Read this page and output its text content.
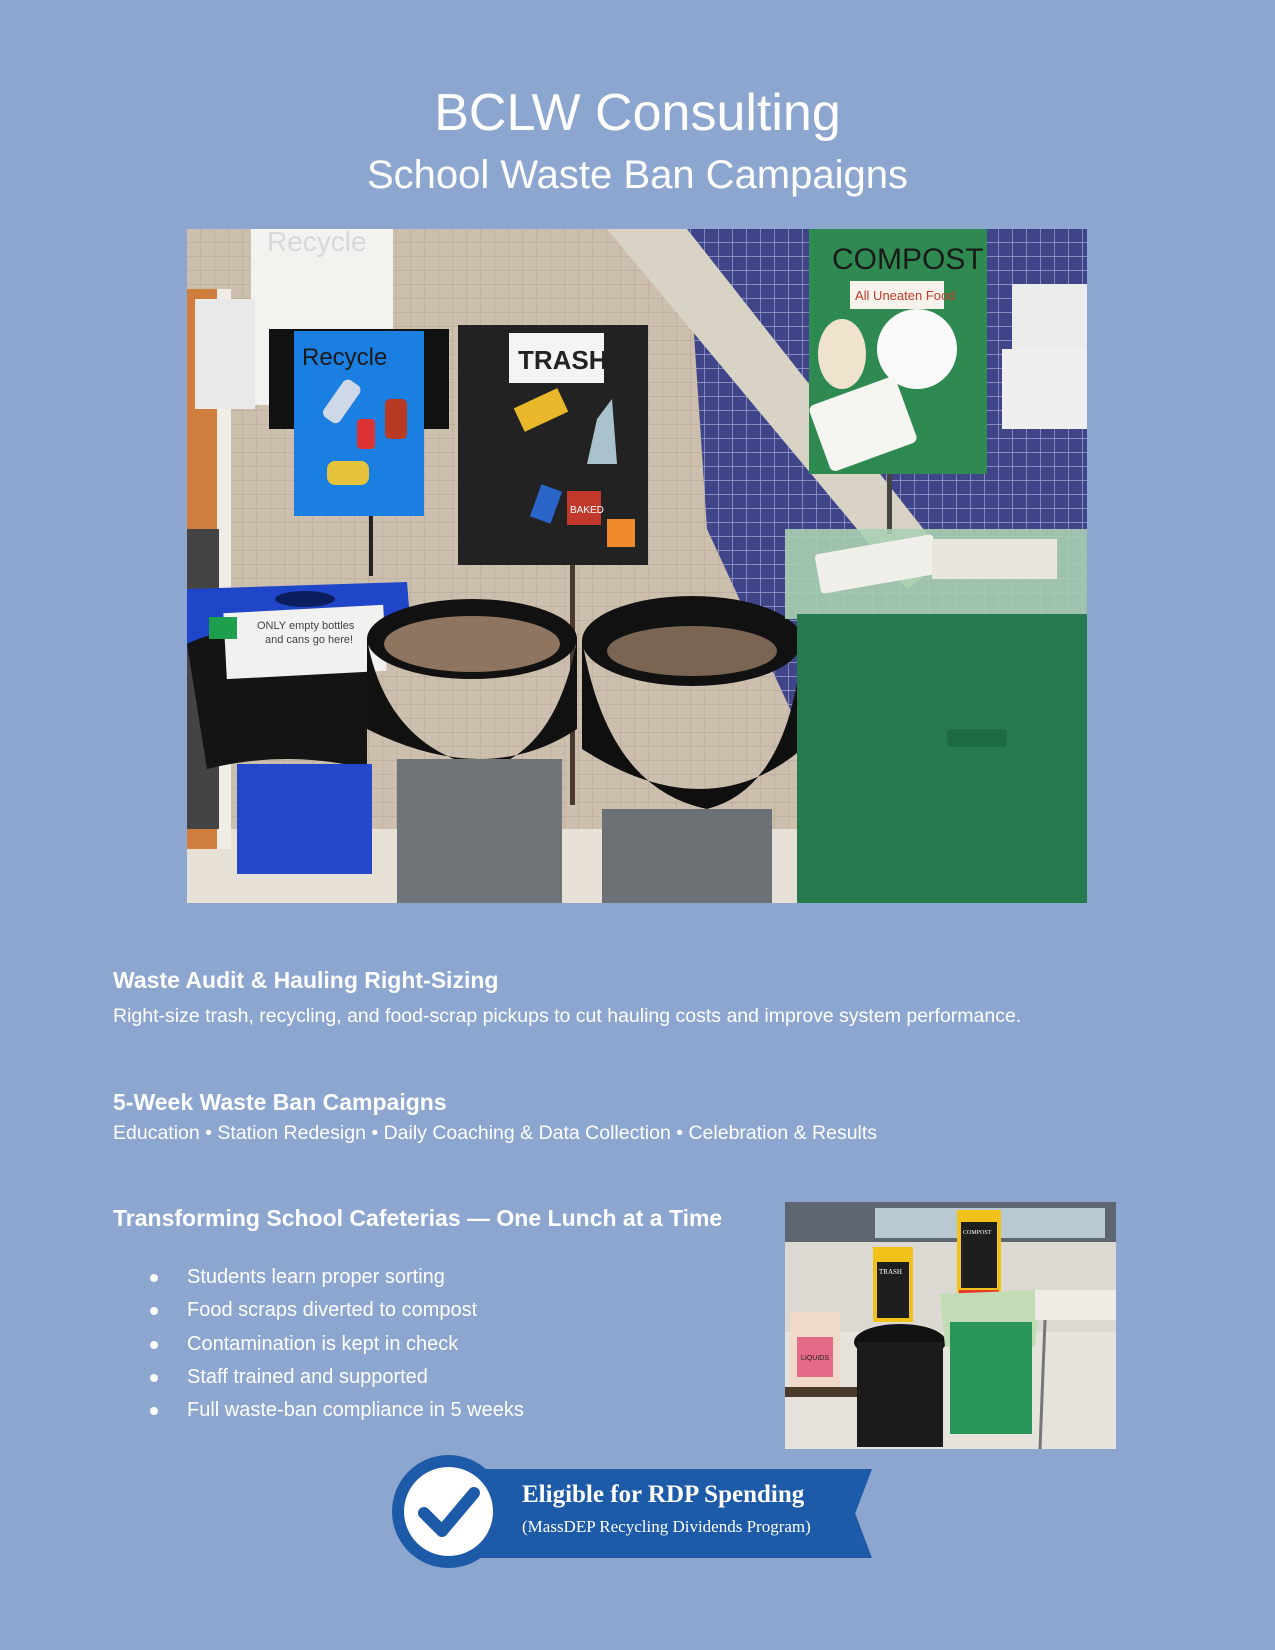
BCLW Consulting
School Waste Ban Campaigns
Recycle
Recycle	TRASH
BAKED
COMPOST
All Uneaten Food
ONLY empty bottles
and cans go here!
Waste Audit & Hauling Right-Sizing
Right-size trash, recycling, and food-scrap pickups to cut hauling costs and improve system performance.
5-Week Waste Ban Campaigns
Education • Station Redesign • Daily Coaching & Data Collection • Celebration & Results
Transforming School Cafeterias — One Lunch at a Time
Students learn proper sorting
Food scraps diverted to compost
Contamination is kept in check
Staff trained and supported
Full waste-ban compliance in 5 weeks
TRASH
COMPOST
LIQUIDS
Eligible for RDP Spending
(MassDEP Recycling Dividends Program)
